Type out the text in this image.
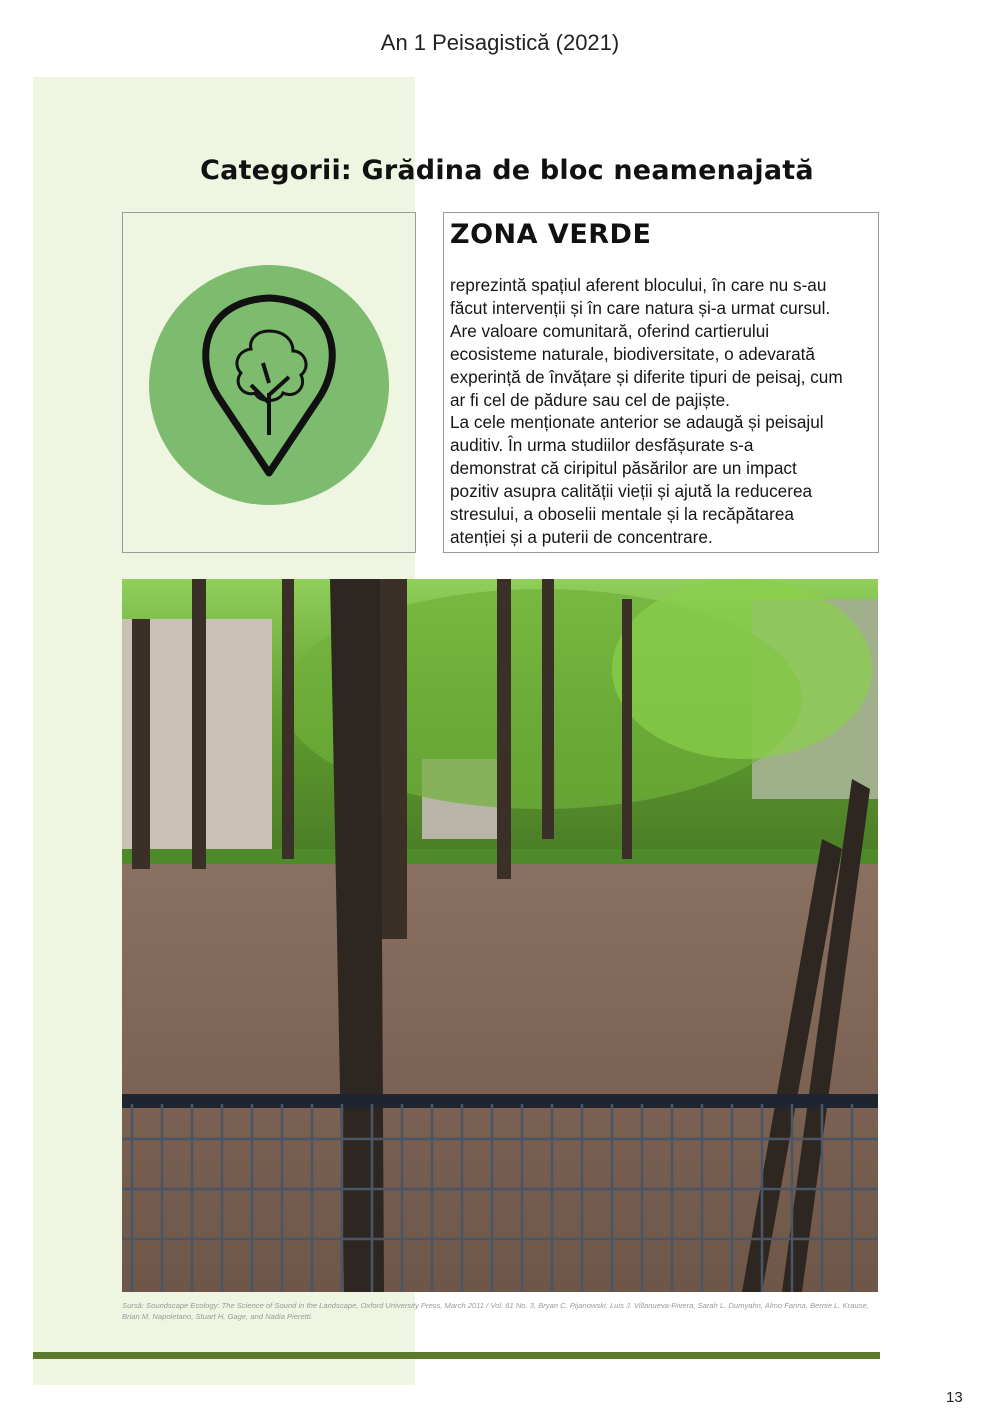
An 1 Peisagistică (2021)
Categorii: Grădina de bloc neamenajată
ZONA VERDE
reprezintă spațiul aferent blocului, în care nu s-au
făcut intervenții și în care natura și-a urmat cursul.
Are valoare comunitară, oferind cartierului
ecosisteme naturale, biodiversitate, o adevarată
experință de învățare și diferite tipuri de peisaj, cum
ar fi cel de pădure sau cel de pajiște.
La cele menționate anterior se adaugă și peisajul
auditiv. În urma studiilor desfășurate s-a
demonstrat că ciripitul păsărilor are un impact
pozitiv asupra calității vieții și ajută la reducerea
stresului, a oboselii mentale și la recăpătarea
atenției și a puterii de concentrare.
Sursă: Soundscape Ecology: The Science of Sound in the Landscape, Oxford University Press, March 2011 / Vol. 61 No. 3, Bryan C. Pijanowski, Luis J. Villanueva-Rivera, Sarah L. Dumyahn, Almo Farina, Bernie L. Krause, Brian M. Napoletano, Stuart H. Gage, and Nadia Pieretti.
13
